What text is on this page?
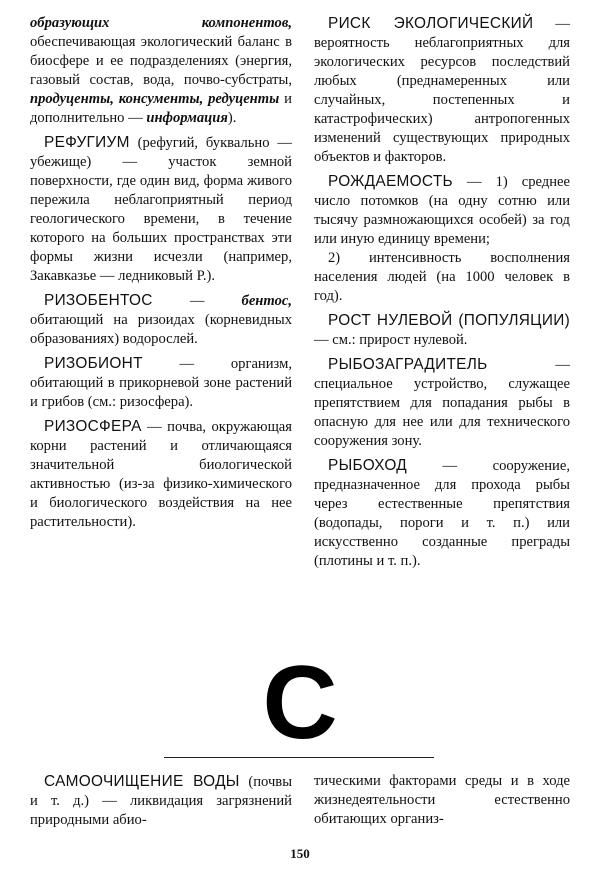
образующих компонентов, обеспечивающая экологический баланс в биосфере и ее подразделениях (энергия, газовый состав, вода, почво-субстраты, продуценты, консументы, редуценты и дополнительно — информация).

РЕФУГИУМ (рефугий, буквально — убежище) — участок земной поверхности, где один вид, форма живого пережила неблагоприятный период геологического времени, в течение которого на больших пространствах эти формы жизни исчезли (например, Закавказье — ледниковый Р.).

РИЗОБЕНТОС — бентос, обитающий на ризоидах (корневидных образованиях) водорослей.

РИЗОБИОНТ — организм, обитающий в прикорневой зоне растений и грибов (см.: ризосфера).

РИЗОСФЕРА — почва, окружающая корни растений и отличающаяся значительной биологической активностью (из-за физико-химического и биологического воздействия на нее растительности).

РИСК ЭКОЛОГИЧЕСКИЙ — вероятность неблагоприятных для экологических ресурсов последствий любых (преднамеренных или случайных, постепенных и катастрофических) антропогенных изменений существующих природных объектов и факторов.

РОЖДАЕМОСТЬ — 1) среднее число потомков (на одну сотню или тысячу размножающихся особей) за год или иную единицу времени;

2) интенсивность восполнения населения людей (на 1000 человек в год).

РОСТ НУЛЕВОЙ (ПОПУЛЯЦИИ) — см.: прирост нулевой.

РЫБОЗАГРАДИТЕЛЬ — специальное устройство, служащее препятствием для попадания рыбы в опасную для нее или для технического сооружения зону.

РЫБОХОД — сооружение, предназначенное для прохода рыбы через естественные препятствия (водопады, пороги и т. п.) или искусственно созданные преграды (плотины и т. п.).

С

САМООЧИЩЕНИЕ ВОДЫ (почвы и т. д.) — ликвидация загрязнений природными абио-

тическими факторами среды и в ходе жизнедеятельности естественно обитающих организ-

150
